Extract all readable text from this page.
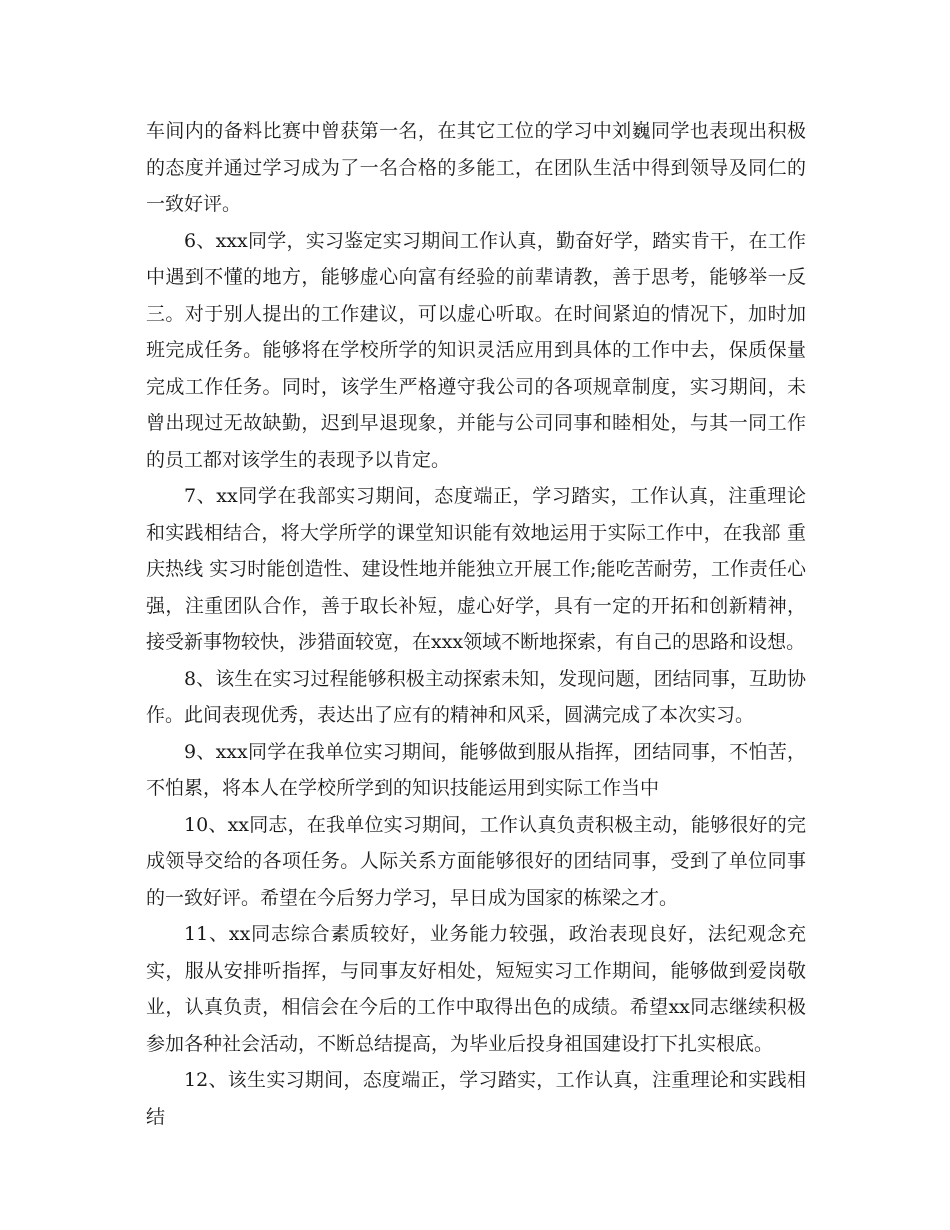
车间内的备料比赛中曾获第一名，在其它工位的学习中刘巍同学也表现出积极的态度并通过学习成为了一名合格的多能工，在团队生活中得到领导及同仁的一致好评。

6、xxx同学，实习鉴定实习期间工作认真，勤奋好学，踏实肯干，在工作中遇到不懂的地方，能够虚心向富有经验的前辈请教，善于思考，能够举一反三。对于别人提出的工作建议，可以虚心听取。在时间紧迫的情况下，加时加班完成任务。能够将在学校所学的知识灵活应用到具体的工作中去，保质保量完成工作任务。同时，该学生严格遵守我公司的各项规章制度，实习期间，未曾出现过无故缺勤，迟到早退现象，并能与公司同事和睦相处，与其一同工作的员工都对该学生的表现予以肯定。

7、xx同学在我部实习期间，态度端正，学习踏实，工作认真，注重理论和实践相结合，将大学所学的课堂知识能有效地运用于实际工作中，在我部 重庆热线 实习时能创造性、建设性地并能独立开展工作;能吃苦耐劳，工作责任心强，注重团队合作，善于取长补短，虚心好学，具有一定的开拓和创新精神，接受新事物较快，涉猎面较宽，在xxx领域不断地探索，有自己的思路和设想。

8、该生在实习过程能够积极主动探索未知，发现问题，团结同事，互助协作。此间表现优秀，表达出了应有的精神和风采，圆满完成了本次实习。

9、xxx同学在我单位实习期间，能够做到服从指挥，团结同事，不怕苦，不怕累，将本人在学校所学到的知识技能运用到实际工作当中

10、xx同志，在我单位实习期间，工作认真负责积极主动，能够很好的完成领导交给的各项任务。人际关系方面能够很好的团结同事，受到了单位同事的一致好评。希望在今后努力学习，早日成为国家的栋梁之才。

11、xx同志综合素质较好，业务能力较强，政治表现良好，法纪观念充实，服从安排听指挥，与同事友好相处，短短实习工作期间，能够做到爱岗敬业，认真负责，相信会在今后的工作中取得出色的成绩。希望xx同志继续积极参加各种社会活动，不断总结提高，为毕业后投身祖国建设打下扎实根底。

12、该生实习期间，态度端正，学习踏实，工作认真，注重理论和实践相结
